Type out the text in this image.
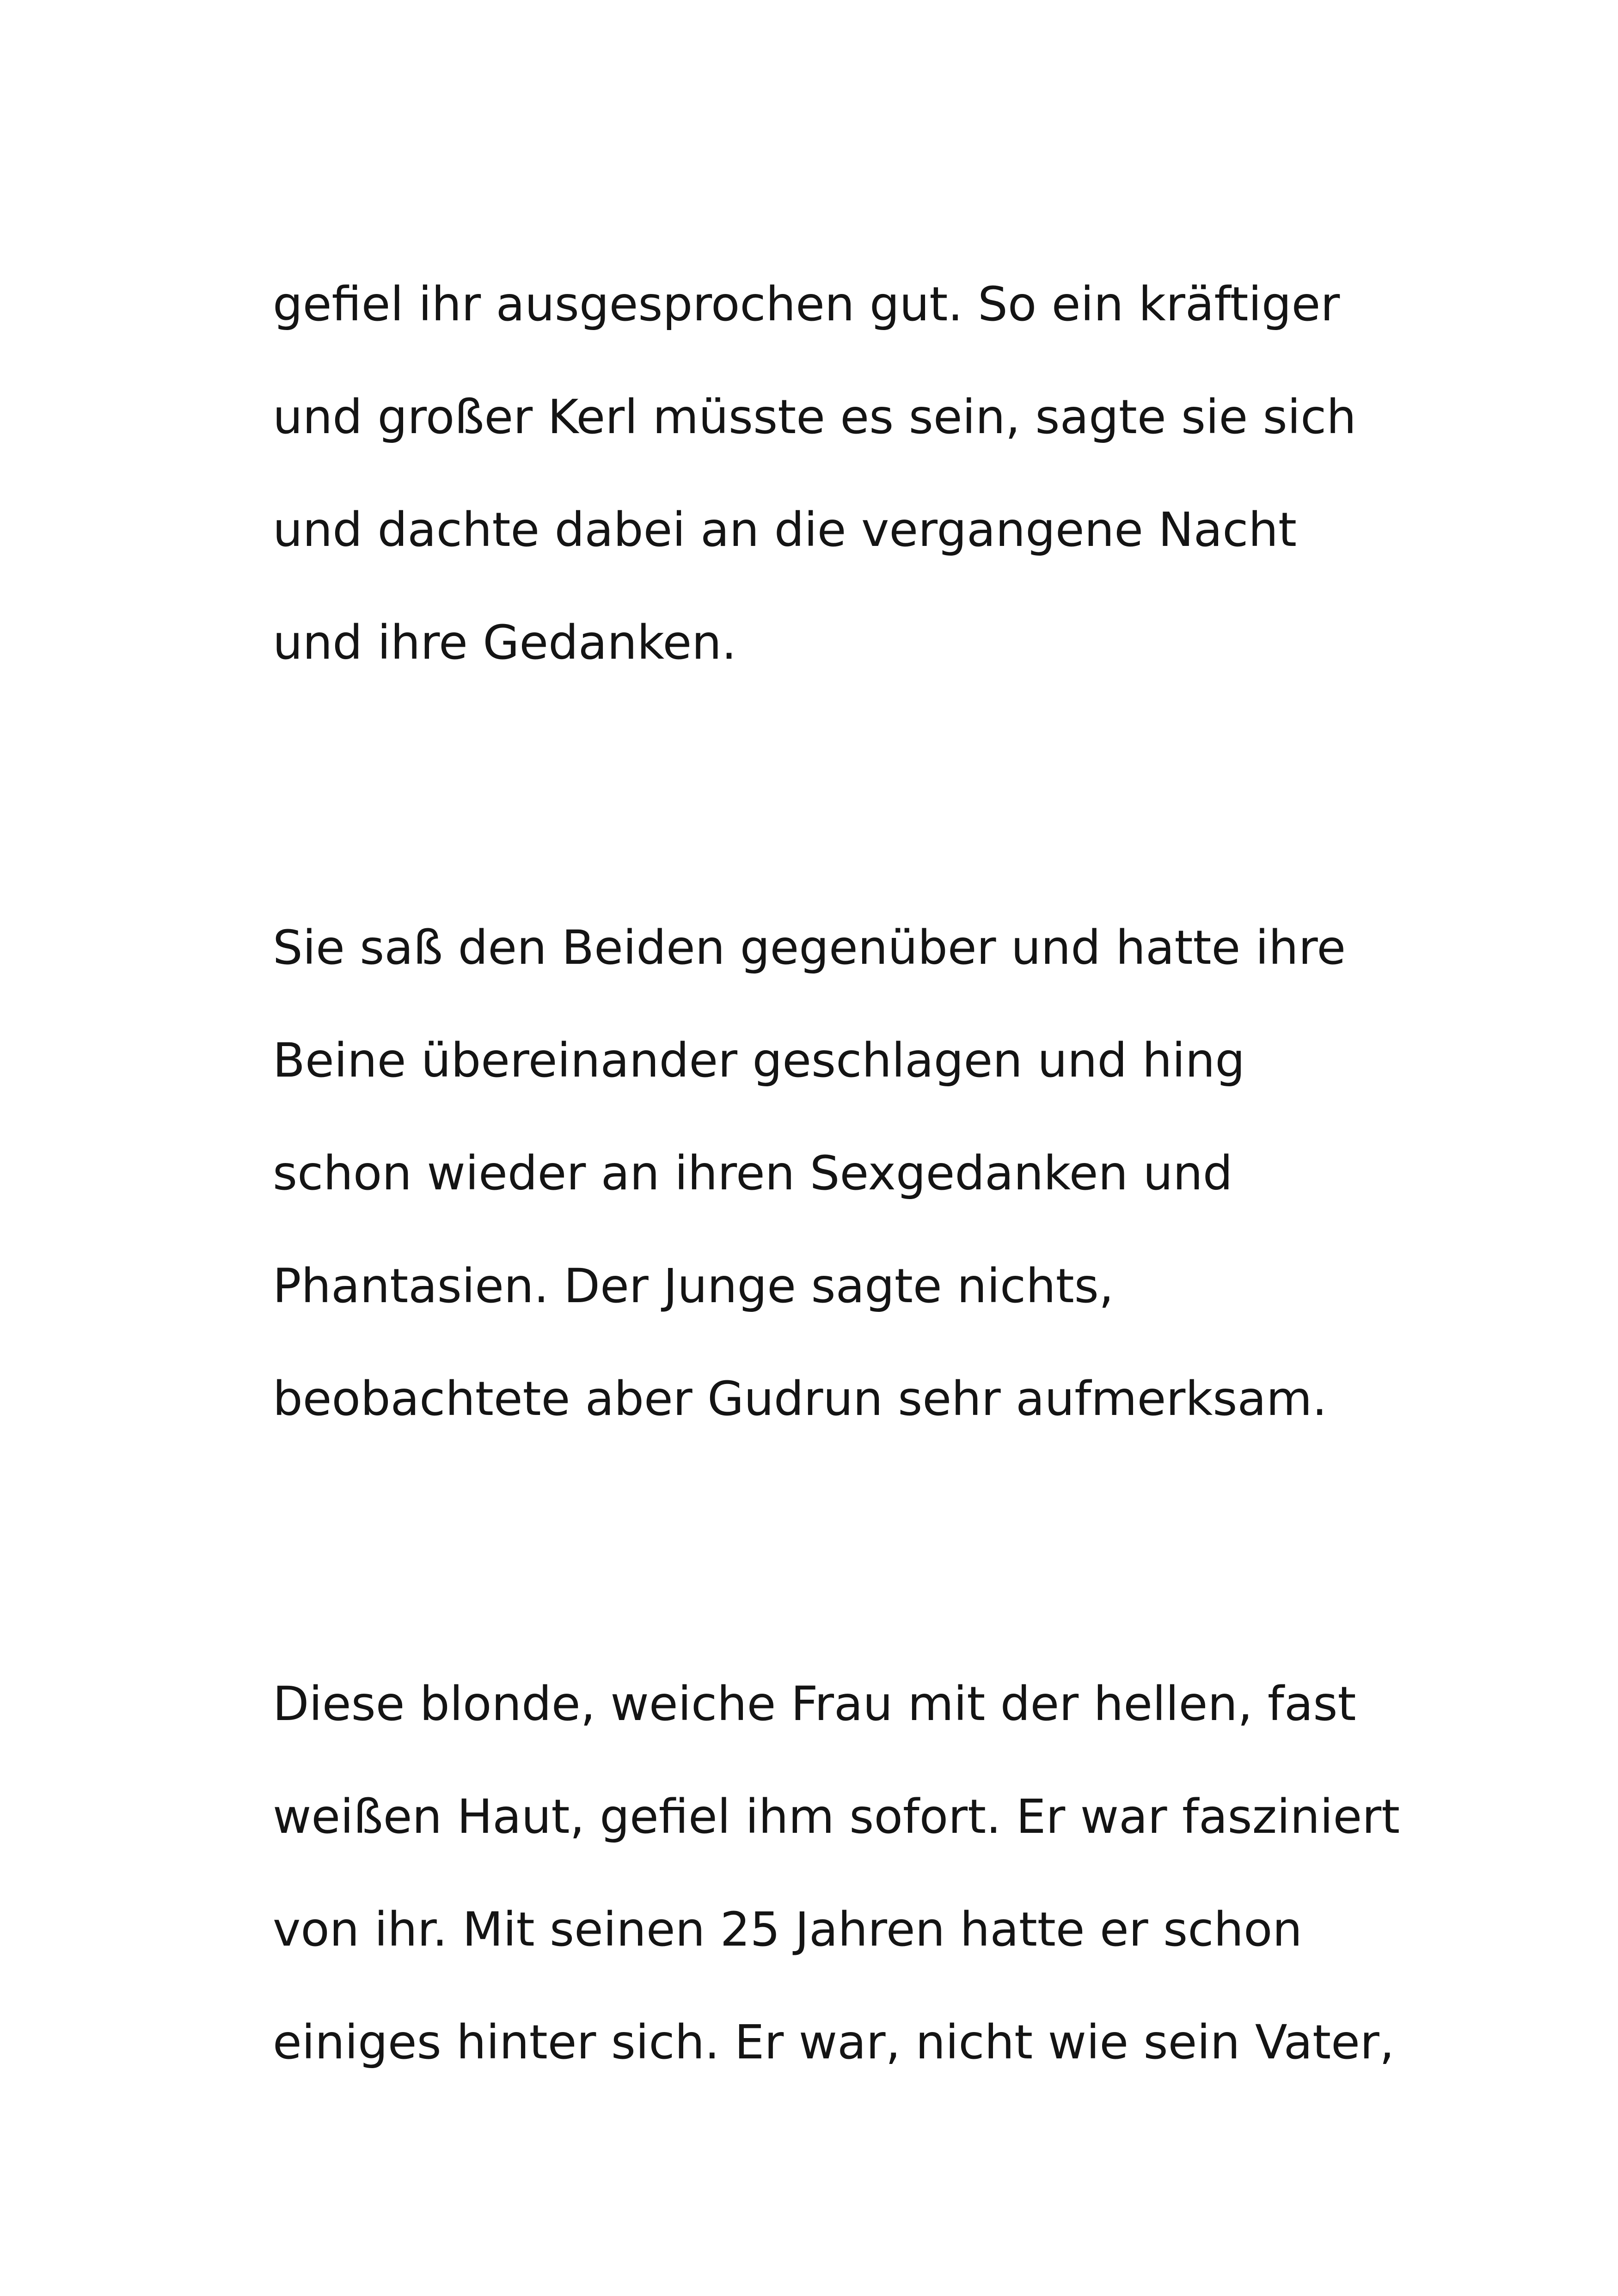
gefiel ihr ausgesprochen gut. So ein kräftiger

und großer Kerl müsste es sein, sagte sie sich

und dachte dabei an die vergangene Nacht

und ihre Gedanken.

Sie saß den Beiden gegenüber und hatte ihre

Beine übereinander geschlagen und hing

schon wieder an ihren Sexgedanken und

Phantasien. Der Junge sagte nichts,

beobachtete aber Gudrun sehr aufmerksam.

Diese blonde, weiche Frau mit der hellen, fast

weißen Haut, gefiel ihm sofort. Er war fasziniert

von ihr. Mit seinen 25 Jahren hatte er schon

einiges hinter sich. Er war, nicht wie sein Vater,
